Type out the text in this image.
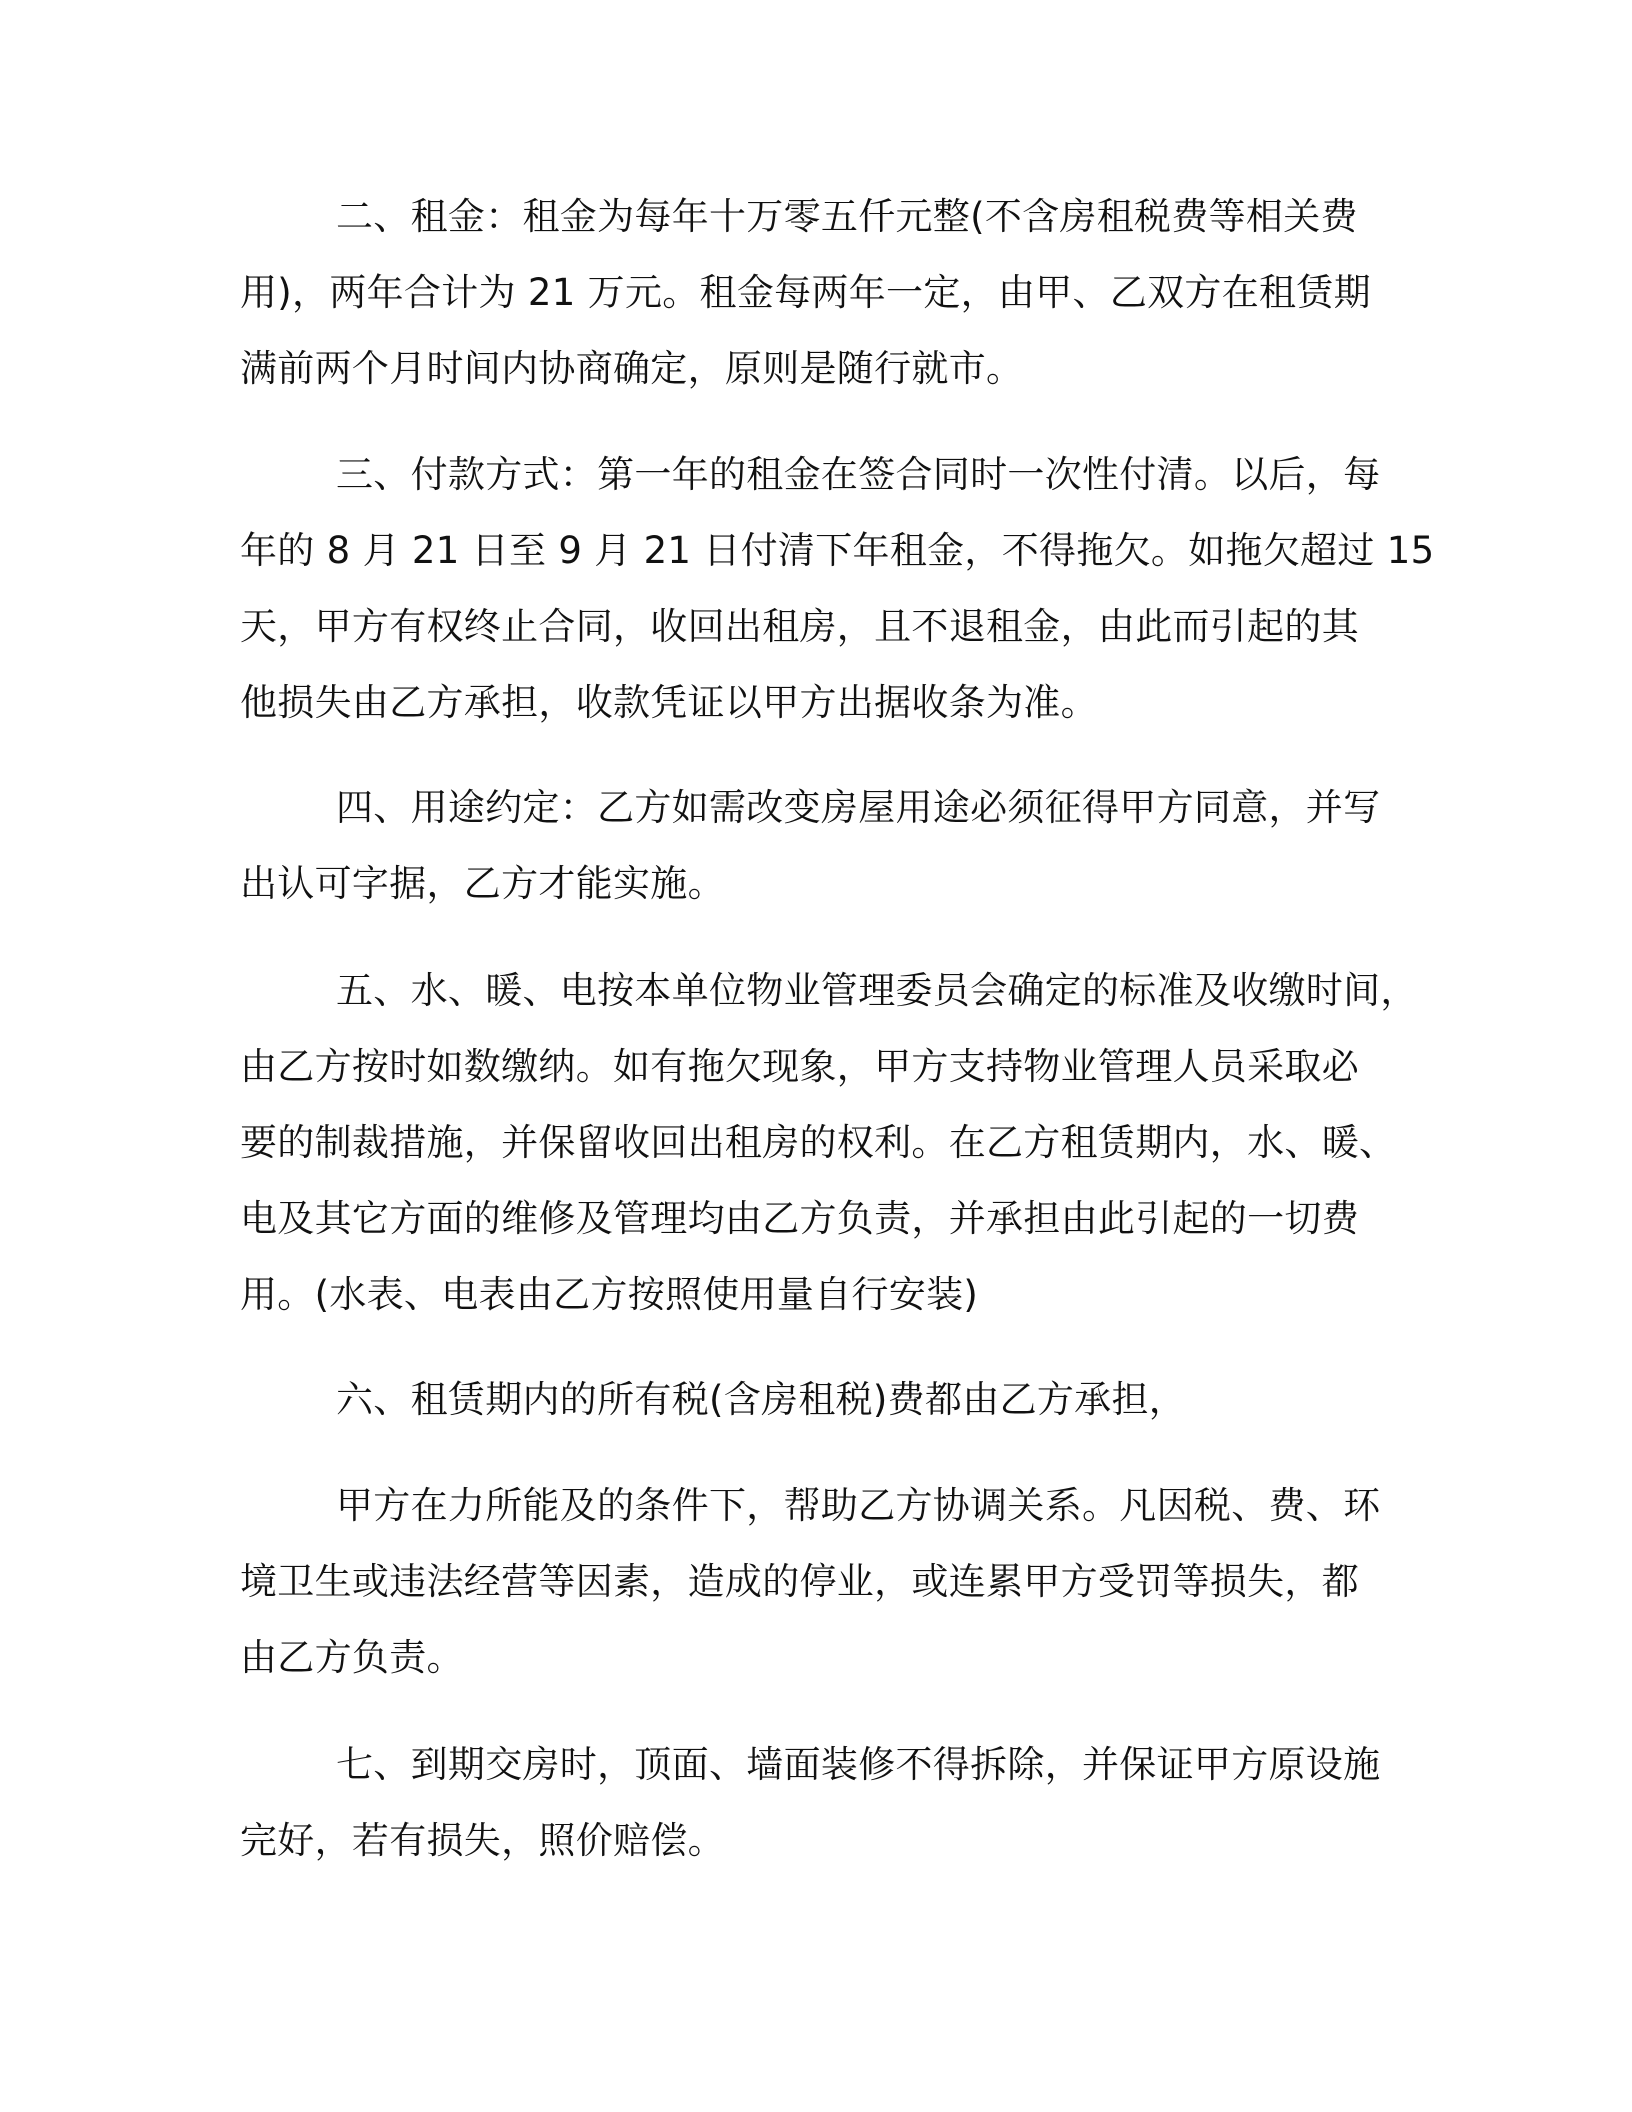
二、租金：租金为每年十万零五仟元整(不含房租税费等相关费
用)，两年合计为 21 万元。租金每两年一定，由甲、乙双方在租赁期
满前两个月时间内协商确定，原则是随行就市。

三、付款方式：第一年的租金在签合同时一次性付清。以后，每
年的 8 月 21 日至 9 月 21 日付清下年租金，不得拖欠。如拖欠超过 15
天，甲方有权终止合同，收回出租房，且不退租金，由此而引起的其
他损失由乙方承担，收款凭证以甲方出据收条为准。

四、用途约定：乙方如需改变房屋用途必须征得甲方同意，并写
出认可字据，乙方才能实施。

五、水、暖、电按本单位物业管理委员会确定的标准及收缴时间，
由乙方按时如数缴纳。如有拖欠现象，甲方支持物业管理人员采取必
要的制裁措施，并保留收回出租房的权利。在乙方租赁期内，水、暖、
电及其它方面的维修及管理均由乙方负责，并承担由此引起的一切费
用。(水表、电表由乙方按照使用量自行安装)

六、租赁期内的所有税(含房租税)费都由乙方承担，

甲方在力所能及的条件下，帮助乙方协调关系。凡因税、费、环
境卫生或违法经营等因素，造成的停业，或连累甲方受罚等损失，都
由乙方负责。

七、到期交房时，顶面、墙面装修不得拆除，并保证甲方原设施
完好，若有损失，照价赔偿。
